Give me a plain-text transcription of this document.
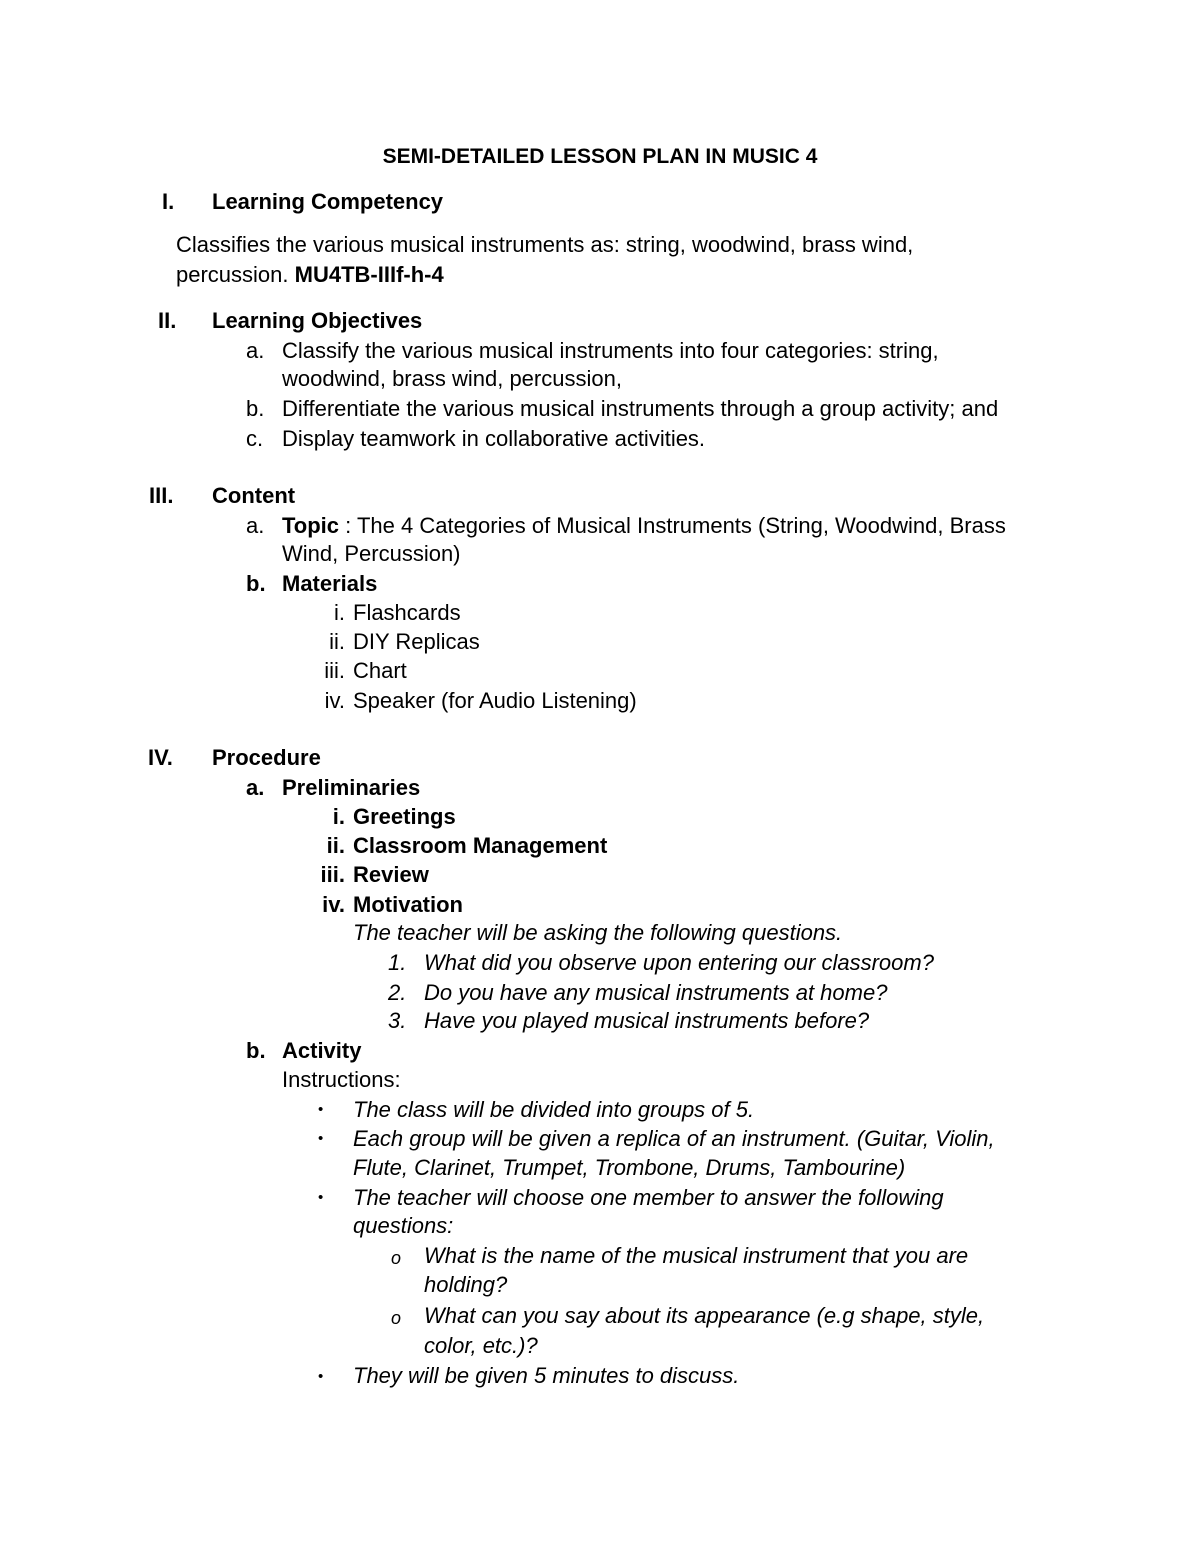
SEMI-DETAILED LESSON PLAN IN MUSIC 4
I.	Learning Competency
Classifies the various musical instruments as: string, woodwind, brass wind,
percussion. MU4TB-IIIf-h-4
II.	Learning Objectives
a. Classify the various musical instruments into four categories: string,
woodwind, brass wind, percussion,
b. Differentiate the various musical instruments through a group activity; and
c. Display teamwork in collaborative activities.
III.	Content
a. Topic : The 4 Categories of Musical Instruments (String, Woodwind, Brass
Wind, Percussion)
b. Materials
i. Flashcards
ii. DIY Replicas
iii. Chart
iv. Speaker (for Audio Listening)
IV.	Procedure
a. Preliminaries
i. Greetings
ii. Classroom Management
iii. Review
iv. Motivation
The teacher will be asking the following questions.
1. What did you observe upon entering our classroom?
2. Do you have any musical instruments at home?
3. Have you played musical instruments before?
b. Activity
Instructions:
• The class will be divided into groups of 5.
• Each group will be given a replica of an instrument. (Guitar, Violin,
Flute, Clarinet, Trumpet, Trombone, Drums, Tambourine)
• The teacher will choose one member to answer the following
questions:
o What is the name of the musical instrument that you are
holding?
o What can you say about its appearance (e.g shape, style,
color, etc.)?
• They will be given 5 minutes to discuss.
